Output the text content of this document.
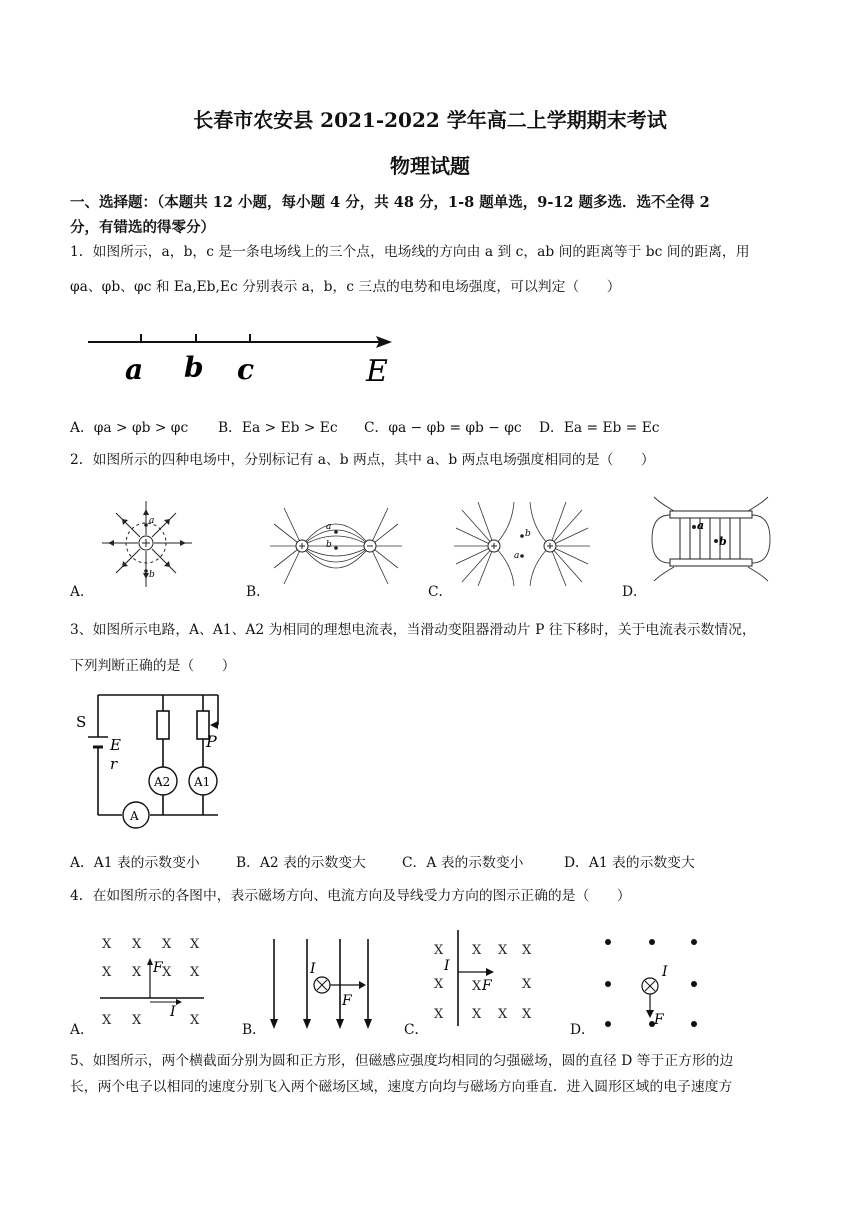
长春市农安县 2021-2022 学年高二上学期期末考试
物理试题
一、选择题：（本题共 12 小题，每小题 4 分，共 48 分，1-8 题单选，9-12 题多选．选不全得 2
分，有错选的得零分）
1．如图所示，a，b，c 是一条电场线上的三个点，电场线的方向由 a 到 c，ab 间的距离等于 bc 间的距离，用
φa、φb、φc 和 Ea,Eb,Ec 分别表示 a，b，c 三点的电势和电场强度，可以判定（　　）
a b c	E
A．φa > φb > φc B．Ea > Eb > Ec C．φa − φb = φb − φc D．Ea = Eb = Ec
2．如图所示的四种电场中，分别标记有 a、b 两点，其中 a、b 两点电场强度相同的是（　　）
A．	B．	C．	D．
a
b
a
b
b
a
a
b
3、如图所示电路，A、A1、A2 为相同的理想电流表，当滑动变阻器滑动片 P 往下移时，关于电流表示数情况，
下列判断正确的是（　　）
S
E
r
P
A2 A1
A
A．A1 表的示数变小	B．A2 表的示数变大	C．A 表的示数变小	D．A1 表的示数变大
4．在如图所示的各图中，表示磁场方向、电流方向及导线受力方向的图示正确的是（　　）
A．	B．	C．	D．
X X X X
X X X X
X X	X
F
I
I
F
X X X X
X	X
X X X X
I
X F
I
F
5、如图所示，两个横截面分别为圆和正方形，但磁感应强度均相同的匀强磁场，圆的直径 D 等于正方形的边
长，两个电子以相同的速度分别飞入两个磁场区域，速度方向均与磁场方向垂直．进入圆形区域的电子速度方
